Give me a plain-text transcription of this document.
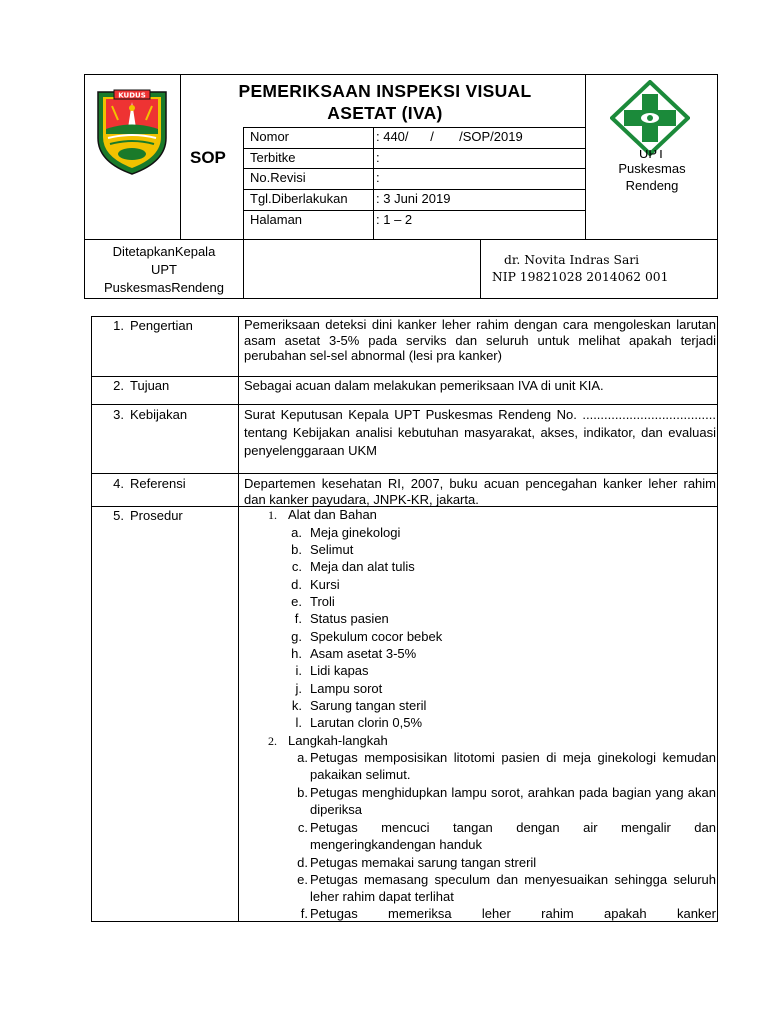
KUDUS	PEMERIKSAAN INSPEKSI VISUAL
ASETAT (IVA)
SOP
Nomor	: 440/      /       /SOP/2019
Terbitke	:
No.Revisi	:
Tgl.Diberlakukan : 3 Juni 2019
Halaman	: 1 – 2
UPT
Puskesmas
Rendeng
DitetapkanKepala
UPT
PuskesmasRendeng
dr. Novita Indras Sari
NIP 19821028 2014062 001
1. Pengertian	Pemeriksaan deteksi dini kanker leher rahim dengan cara mengoleskan larutan asam asetat 3-5% pada serviks dan seluruh untuk melihat apakah terjadi perubahan sel-sel abnormal (lesi pra kanker)
2. Tujuan	Sebagai acuan dalam melakukan pemeriksaan IVA di unit KIA.
3. Kebijakan	Surat Keputusan Kepala UPT Puskesmas Rendeng No. ..................................... tentang Kebijakan analisi kebutuhan masyarakat, akses, indikator, dan evaluasi penyelenggaraan UKM
4. Referensi	Departemen kesehatan RI, 2007, buku acuan pencegahan kanker leher rahim dan kanker payudara, JNPK-KR, jakarta.
5. Prosedur	1. Alat dan Bahan
a. Meja ginekologi
b. Selimut
c. Meja dan alat tulis
d. Kursi
e. Troli
f. Status pasien
g. Spekulum cocor bebek
h. Asam asetat 3-5%
i. Lidi kapas
j. Lampu sorot
k. Sarung tangan steril
l. Larutan clorin 0,5%
2. Langkah-langkah
a. Petugas memposisikan litotomi pasien di meja ginekologi kemudan pakaikan selimut.
b. Petugas menghidupkan lampu sorot, arahkan pada bagian yang akan diperiksa
c. Petugas mencuci tangan dengan air mengalir dan mengeringkandengan handuk
d. Petugas memakai sarung tangan streril
e. Petugas memasang speculum dan menyesuaikan sehingga seluruh leher rahim dapat terlihat
f. Petugas memeriksa leher rahim apakah kanker
